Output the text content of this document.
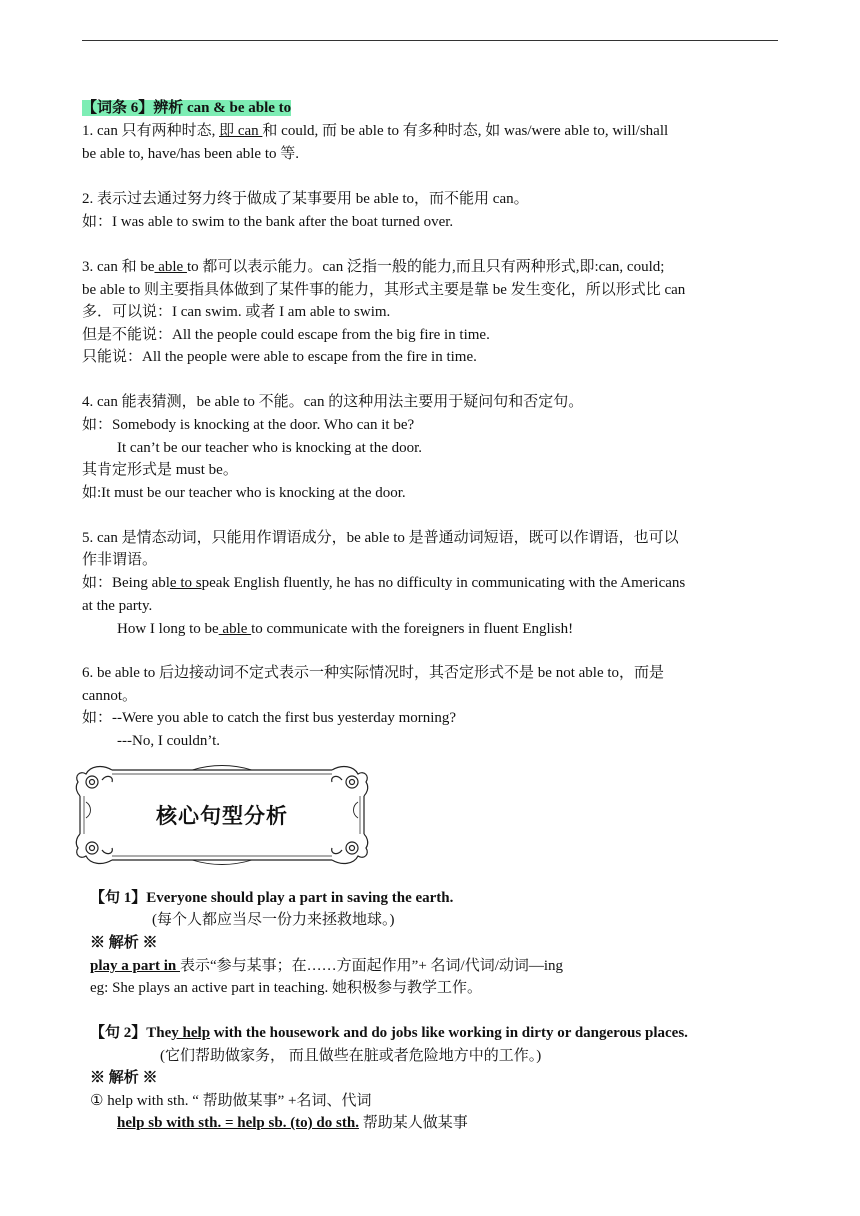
【词条 6】辨析 can & be able to
1. can 只有两种时态, 即 can 和 could, 而 be able to 有多种时态, 如 was/were able to, will/shall
be able to, have/has been able to 等.
2. 表示过去通过努力终于做成了某事要用 be able to，而不能用 can。
如：I was able to swim to the bank after the boat turned over.
3. can 和 be able to 都可以表示能力。can 泛指一般的能力,而且只有两种形式,即:can, could;
be able to 则主要指具体做到了某件事的能力，其形式主要是靠 be 发生变化，所以形式比 can
多．可以说：I can swim. 或者 I am able to swim.
但是不能说：All the people could escape from the big fire in time.
只能说：All the people were able to escape from the fire in time.
4. can 能表猜测，be able to 不能。can 的这种用法主要用于疑问句和否定句。
如：Somebody is knocking at the door. Who can it be?
It can’t be our teacher who is knocking at the door.
其肯定形式是 must be。
如:It must be our teacher who is knocking at the door.
5. can 是情态动词，只能用作谓语成分，be able to 是普通动词短语，既可以作谓语，也可以
作非谓语。
如：Being able to speak English fluently, he has no difficulty in communicating with the Americans
at the party.
How I long to be able to communicate with the foreigners in fluent English!
6. be able to 后边接动词不定式表示一种实际情况时，其否定形式不是 be not able to，而是
cannot。
如：--Were you able to catch the first bus yesterday morning?
---No, I couldn’t.
核心句型分析
【句 1】Everyone should play a part in saving the earth.
(每个人都应当尽一份力来拯救地球。)
※ 解析 ※
play a part in 表示“参与某事；在……方面起作用”+ 名词/代词/动词—ing
eg: She plays an active part in teaching. 她积极参与教学工作。
【句 2】They help with the housework and do jobs like working in dirty or dangerous places.
(它们帮助做家务， 而且做些在脏或者危险地方中的工作。)
※ 解析 ※
① help with sth. “ 帮助做某事” +名词、代词
help sb with sth. = help sb. (to) do sth. 帮助某人做某事
